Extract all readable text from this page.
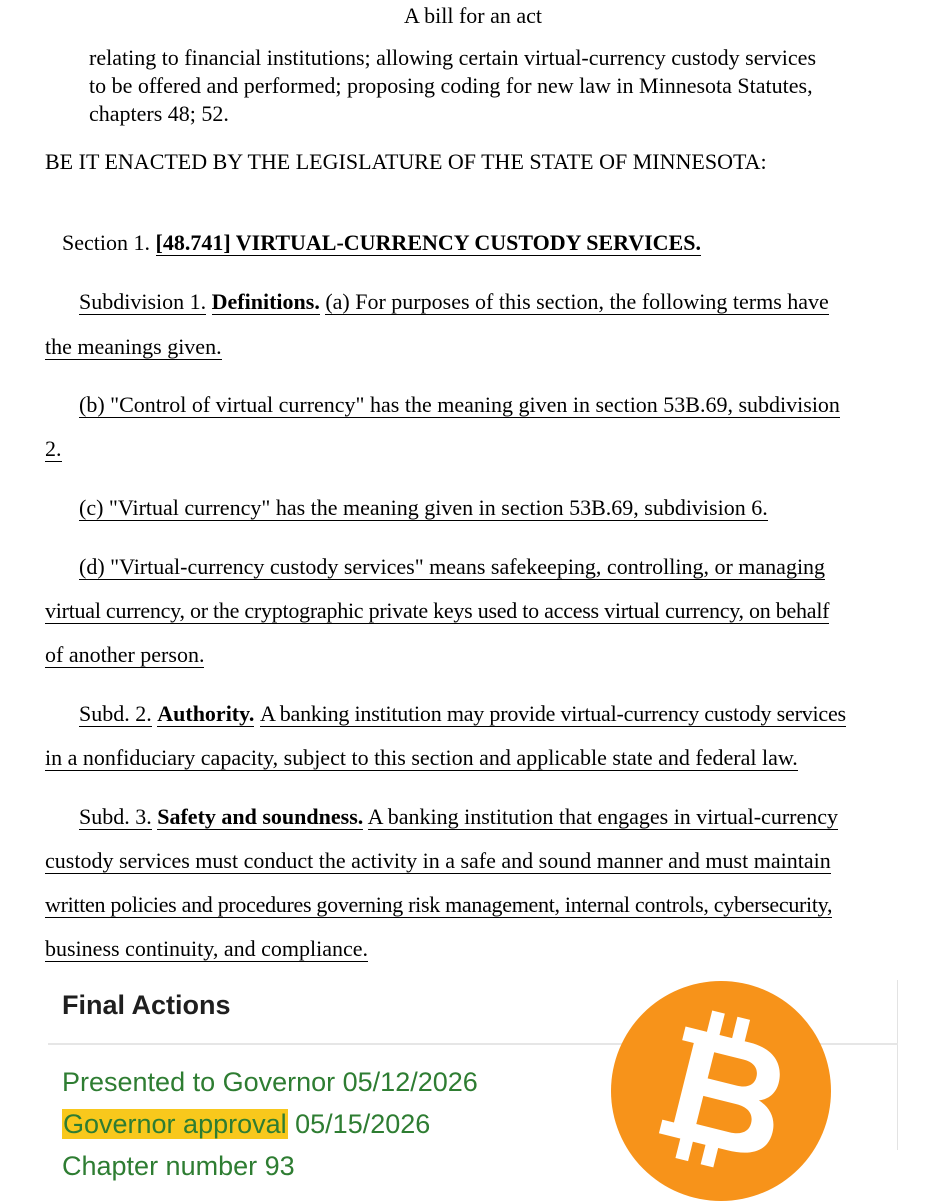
A bill for an act
relating to financial institutions; allowing certain virtual-currency custody services
to be offered and performed; proposing coding for new law in Minnesota Statutes,
chapters 48; 52.
BE IT ENACTED BY THE LEGISLATURE OF THE STATE OF MINNESOTA:
Section 1. [48.741] VIRTUAL-CURRENCY CUSTODY SERVICES.
Subdivision 1. Definitions. (a) For purposes of this section, the following terms have
the meanings given.
(b) "Control of virtual currency" has the meaning given in section 53B.69, subdivision
2.
(c) "Virtual currency" has the meaning given in section 53B.69, subdivision 6.
(d) "Virtual-currency custody services" means safekeeping, controlling, or managing
virtual currency, or the cryptographic private keys used to access virtual currency, on behalf
of another person.
Subd. 2. Authority. A banking institution may provide virtual-currency custody services
in a nonfiduciary capacity, subject to this section and applicable state and federal law.
Subd. 3. Safety and soundness. A banking institution that engages in virtual-currency
custody services must conduct the activity in a safe and sound manner and must maintain
written policies and procedures governing risk management, internal controls, cybersecurity,
business continuity, and compliance.
Final Actions
Presented to Governor 05/12/2026
Governor approval 05/15/2026
Chapter number 93
